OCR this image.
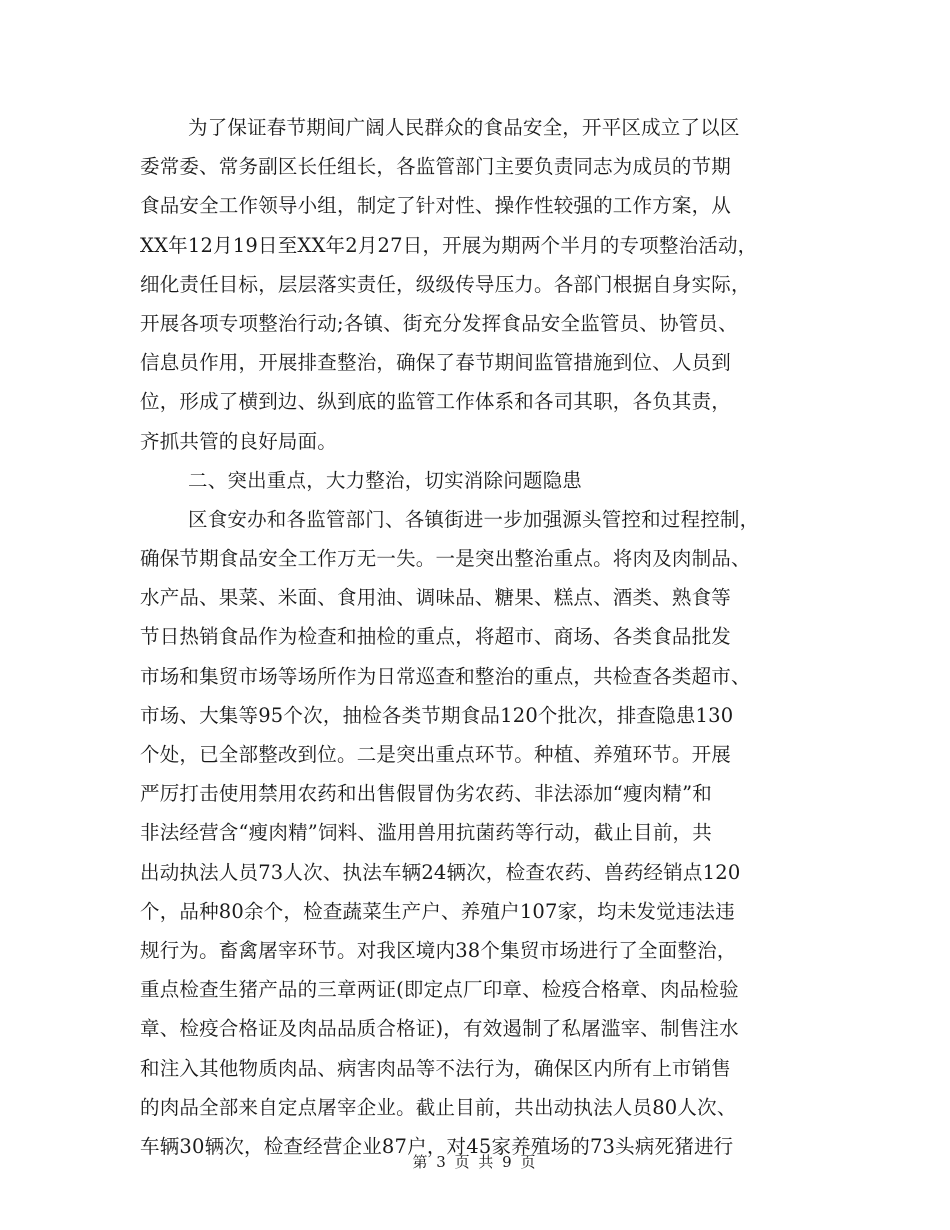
为了保证春节期间广阔人民群众的食品安全，开平区成立了以区
委常委、常务副区长任组长，各监管部门主要负责同志为成员的节期
食品安全工作领导小组，制定了针对性、操作性较强的工作方案，从
XX年12月19日至XX年2月27日，开展为期两个半月的专项整治活动，
细化责任目标，层层落实责任，级级传导压力。各部门根据自身实际，
开展各项专项整治行动;各镇、街充分发挥食品安全监管员、协管员、
信息员作用，开展排查整治，确保了春节期间监管措施到位、人员到
位，形成了横到边、纵到底的监管工作体系和各司其职，各负其责，
齐抓共管的良好局面。
二、突出重点，大力整治，切实消除问题隐患
区食安办和各监管部门、各镇街进一步加强源头管控和过程控制，
确保节期食品安全工作万无一失。一是突出整治重点。将肉及肉制品、
水产品、果菜、米面、食用油、调味品、糖果、糕点、酒类、熟食等
节日热销食品作为检查和抽检的重点，将超市、商场、各类食品批发
市场和集贸市场等场所作为日常巡查和整治的重点，共检查各类超市、
市场、大集等95个次，抽检各类节期食品120个批次，排查隐患130
个处，已全部整改到位。二是突出重点环节。种植、养殖环节。开展
严厉打击使用禁用农药和出售假冒伪劣农药、非法添加“瘦肉精”和
非法经营含“瘦肉精”饲料、滥用兽用抗菌药等行动，截止目前，共
出动执法人员73人次、执法车辆24辆次，检查农药、兽药经销点120
个，品种80余个，检查蔬菜生产户、养殖户107家，均未发觉违法违
规行为。畜禽屠宰环节。对我区境内38个集贸市场进行了全面整治，
重点检查生猪产品的三章两证(即定点厂印章、检疫合格章、肉品检验
章、检疫合格证及肉品品质合格证)，有效遏制了私屠滥宰、制售注水
和注入其他物质肉品、病害肉品等不法行为，确保区内所有上市销售
的肉品全部来自定点屠宰企业。截止目前，共出动执法人员80人次、
车辆30辆次，检查经营企业87户，对45家养殖场的73头病死猪进行
第 3 页 共 9 页
